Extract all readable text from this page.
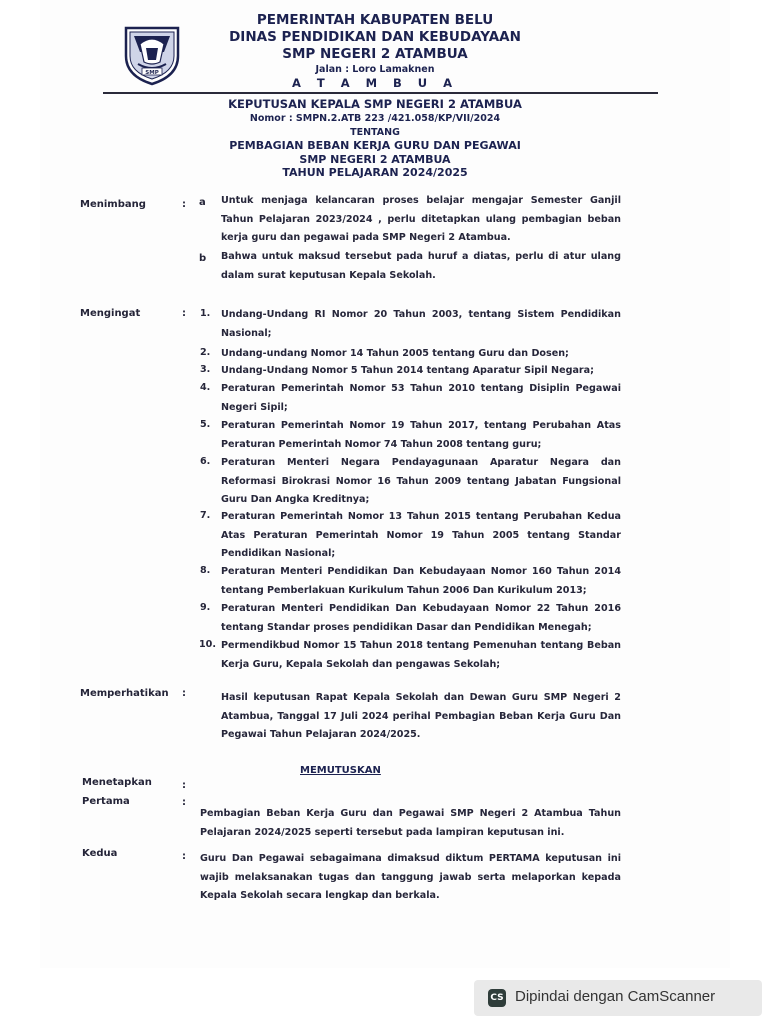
SMP
PEMERINTAH KABUPATEN BELU
DINAS PENDIDIKAN DAN KEBUDAYAAN
SMP NEGERI 2 ATAMBUA
Jalan : Loro Lamaknen
A T A M B U A
KEPUTUSAN KEPALA SMP NEGERI 2 ATAMBUA
Nomor : SMPN.2.ATB 223 /421.058/KP/VII/2024
TENTANG
PEMBAGIAN BEBAN KERJA GURU DAN PEGAWAI
SMP NEGERI 2 ATAMBUA
TAHUN PELAJARAN 2024/2025
Menimbang	: a Untuk menjaga kelancaran proses belajar mengajar Semester Ganjil Tahun Pelajaran 2023/2024 , perlu ditetapkan ulang pembagian beban kerja guru dan pegawai pada SMP Negeri 2 Atambua.
b Bahwa untuk maksud tersebut pada huruf a diatas, perlu di atur ulang dalam surat keputusan Kepala Sekolah.
Mengingat	: 1. Undang-Undang RI Nomor 20 Tahun 2003, tentang Sistem Pendidikan Nasional;
2. Undang-undang Nomor 14 Tahun 2005 tentang Guru dan Dosen;
3. Undang-Undang Nomor 5 Tahun 2014 tentang Aparatur Sipil Negara;
4. Peraturan Pemerintah Nomor 53 Tahun 2010 tentang Disiplin Pegawai Negeri Sipil;
5. Peraturan Pemerintah Nomor 19 Tahun 2017, tentang Perubahan Atas Peraturan Pemerintah Nomor 74 Tahun 2008 tentang guru;
6. Peraturan Menteri Negara Pendayagunaan Aparatur Negara dan Reformasi Birokrasi Nomor 16 Tahun 2009 tentang Jabatan Fungsional Guru Dan Angka Kreditnya;
7. Peraturan Pemerintah Nomor 13 Tahun 2015 tentang Perubahan Kedua Atas Peraturan Pemerintah Nomor 19 Tahun 2005 tentang Standar Pendidikan Nasional;
8. Peraturan Menteri Pendidikan Dan Kebudayaan Nomor 160 Tahun 2014 tentang Pemberlakuan Kurikulum Tahun 2006 Dan Kurikulum 2013;
9. Peraturan Menteri Pendidikan Dan Kebudayaan Nomor 22 Tahun 2016 tentang Standar proses pendidikan Dasar dan Pendidikan Menegah;
10. Permendikbud Nomor 15 Tahun 2018 tentang Pemenuhan tentang Beban Kerja Guru, Kepala Sekolah dan pengawas Sekolah;
Memperhatikan :	Hasil keputusan Rapat Kepala Sekolah dan Dewan Guru SMP Negeri 2 Atambua, Tanggal 17 Juli 2024 perihal Pembagian Beban Kerja Guru Dan Pegawai Tahun Pelajaran 2024/2025.
MEMUTUSKAN
Menetapkan	:
Pertama	:
Pembagian Beban Kerja Guru dan Pegawai SMP Negeri 2 Atambua Tahun Pelajaran 2024/2025 seperti tersebut pada lampiran keputusan ini.
Kedua	: Guru Dan Pegawai sebagaimana dimaksud diktum PERTAMA keputusan ini wajib melaksanakan tugas dan tanggung jawab serta melaporkan kepada Kepala Sekolah secara lengkap dan berkala.
CS Dipindai dengan CamScanner
